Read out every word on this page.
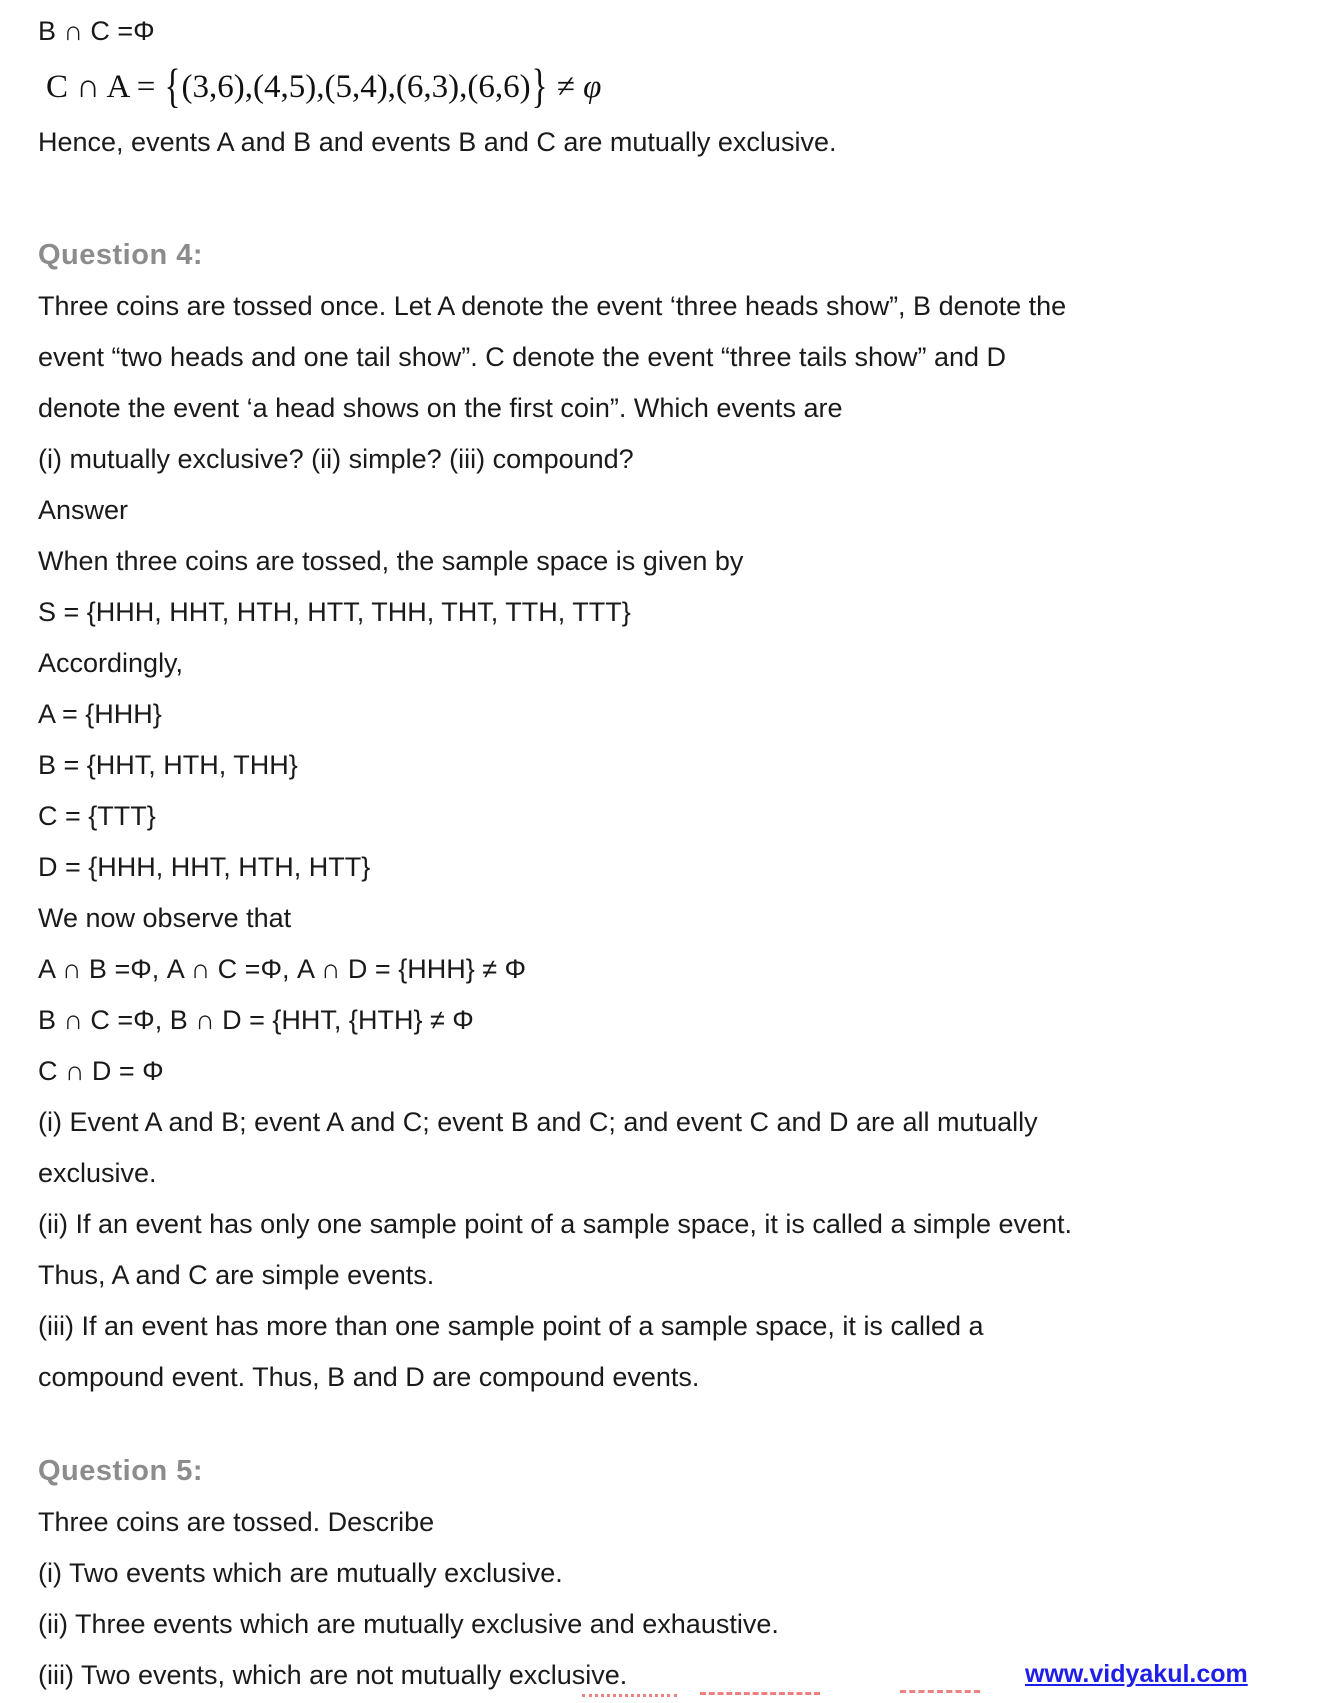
B ∩ C =Φ
C ∩ A = {(3,6),(4,5),(5,4),(6,3),(6,6)} ≠ φ
Hence, events A and B and events B and C are mutually exclusive.
Question 4:
Three coins are tossed once. Let A denote the event ‘three heads show”, B denote the
event “two heads and one tail show”. C denote the event “three tails show” and D
denote the event ‘a head shows on the first coin”. Which events are
(i) mutually exclusive? (ii) simple? (iii) compound?
Answer
When three coins are tossed, the sample space is given by
S = {HHH, HHT, HTH, HTT, THH, THT, TTH, TTT}
Accordingly,
A = {HHH}
B = {HHT, HTH, THH}
C = {TTT}
D = {HHH, HHT, HTH, HTT}
We now observe that
A ∩ B =Φ, A ∩ C =Φ, A ∩ D = {HHH} ≠ Φ
B ∩ C =Φ, B ∩ D = {HHT, {HTH} ≠ Φ
C ∩ D = Φ
(i) Event A and B; event A and C; event B and C; and event C and D are all mutually
exclusive.
(ii) If an event has only one sample point of a sample space, it is called a simple event.
Thus, A and C are simple events.
(iii) If an event has more than one sample point of a sample space, it is called a
compound event. Thus, B and D are compound events.
Question 5:
Three coins are tossed. Describe
(i) Two events which are mutually exclusive.
(ii) Three events which are mutually exclusive and exhaustive.
(iii) Two events, which are not mutually exclusive.	www.vidyakul.com
